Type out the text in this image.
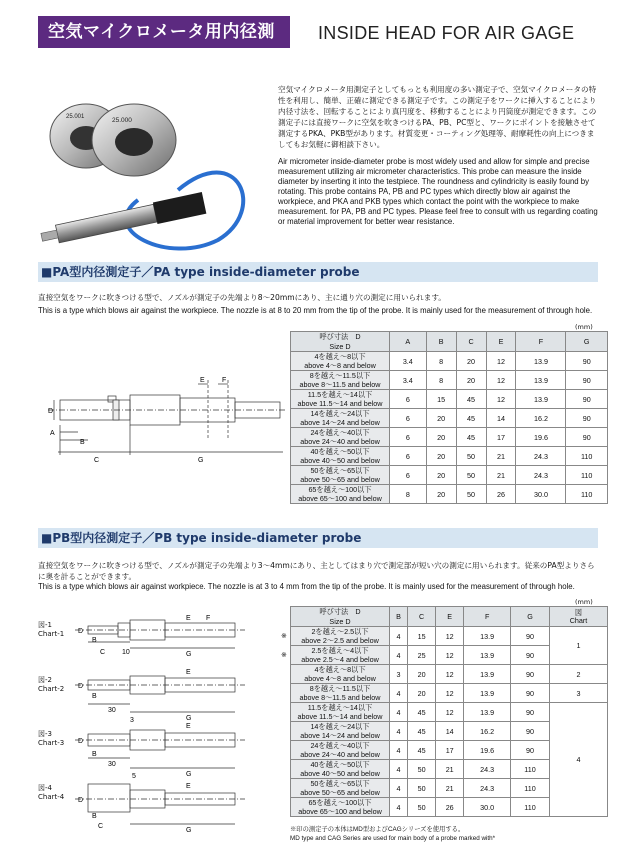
空気マイクロメータ用内径測定子
INSIDE HEAD FOR AIR GAGE
25.001	25.000
空気マイクロメータ用測定子としてもっとも利用度の多い測定子で、空気マイクロメータの特性を利用し、簡単、正確に測定できる測定子です。この測定子をワークに挿入することにより内径寸法を、回転することにより真円度を、移動することにより円筒度が測定できます。この測定子には直接ワークに空気を吹きつけるPA、PB、PC型と、ワークにポイントを接触させて測定するPKA、PKB型があります。材質変更・コーティング処理等、耐摩耗性の向上につきましてもお気軽に御相談下さい。
Air micrometer inside-diameter probe is most widely used and allow for simple and precise measurement utilizing air micrometer characteristics. This probe can measure the inside diameter by inserting it into the testpiece. The roundness and cylindricity is easily found by rotating. This probe contains PA, PB and PC types which directly blow air against the workpiece, and PKA and PKB types which contact the point with the workpiece to make measurement. for PA, PB and PC types. Please feel free to consult with us regarding coating or material improvement for better wear resistance.
■PA型内径測定子／PA type inside-diameter probe
直接空気をワークに吹きつける型で、ノズルが測定子の先端より8〜20mmにあり、主に通り穴の測定に用いられます。
This is a type which blows air against the workpiece. The nozzle is at 8 to 20 mm from the tip of the probe. It is mainly used for the measurement of through hole.
D
A
B
C
E F
G
(mm)
呼び寸法　D
Size D	A	B	C	E	F	G
4を越え〜8以下
above 4〜8 and below	3.4	8	20	12	13.9	90
8を越え〜11.5以下
above 8〜11.5 and below	3.4	8	20	12	13.9	90
11.5を越え〜14以下
above 11.5〜14 and below	6	15	45	12	13.9	90
14を越え〜24以下
above 14〜24 and below	6	20	45	14	16.2	90
24を越え〜40以下
above 24〜40 and below	6	20	45	17	19.6	90
40を越え〜50以下
above 40〜50 and below	6	20	50	21	24.3	110
50を越え〜65以下
above 50〜65 and below	6	20	50	21	24.3	110
65を越え〜100以下
above 65〜100 and below	8	20	50	26	30.0	110
■PB型内径測定子／PB type inside-diameter probe
直接空気をワークに吹きつける型で、ノズルが測定子の先端より3〜4mmにあり、主としてはまり穴で測定部が短い穴の測定に用いられます。従来のPA型よりさらに奥を計ることができます。
This is a type which blows air against workpiece. The nozzle is at 3 to 4 mm from the tip of the probe. It is mainly used for the measurement of through hole.
図-1
Chart-1
図-2
Chart-2
図-3
Chart-3
図-4
Chart-4
D
B
C 10	G
E F
D
B
30
G
3
E
D
B
30
G
5
E
D
B
C
G
E
※
※
(mm)
呼び寸法　D
Size D	B	C	E	F	G	図
Chart
2を越え〜2.5以下
above 2〜2.5 and below	4	15	12	13.9	90	1
2.5を越え〜4以下
above 2.5〜4 and below	4	25	12	13.9	90	
4を越え〜8以下
above 4〜8 and below	3	20	12	13.9	90	2
8を越え〜11.5以下
above 8〜11.5 and below	4	20	12	13.9	90	3
11.5を越え〜14以下
above 11.5〜14 and below	4	45	12	13.9	90	4
14を越え〜24以下
above 14〜24 and below	4	45	14	16.2	90	
24を越え〜40以下
above 24〜40 and below	4	45	17	19.6	90	
40を越え〜50以下
above 40〜50 and below	4	50	21	24.3	110	
50を越え〜65以下
above 50〜65 and below	4	50	21	24.3	110	
65を越え〜100以下
above 65〜100 and below	4	50	26	30.0	110	
※印の測定子の本体はMD型およびCAGシリーズを使用する。
MD type and CAG Series are used for main body of a probe marked with*
